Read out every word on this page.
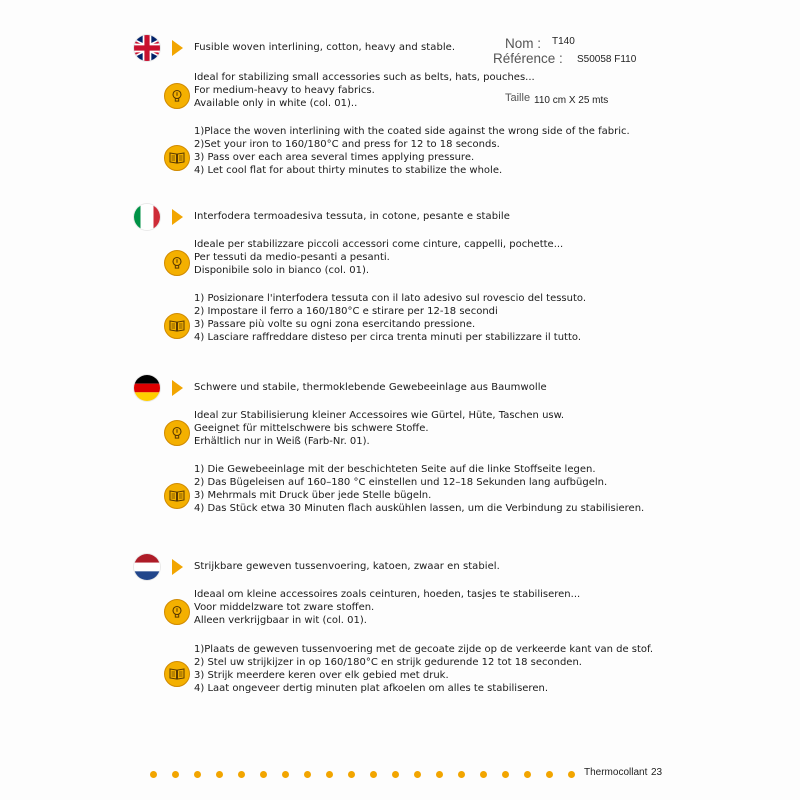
Nom : T140
Référence : S50058 F110
Taille 110 cm X 25 mts
Fusible woven interlining, cotton, heavy and stable.
Ideal for stabilizing small accessories such as belts, hats, pouches...
For medium-heavy to heavy fabrics.
Available only in white (col. 01)..
1)Place the woven interlining with the coated side against the wrong side of the fabric.
2)Set your iron to 160/180°C and press for 12 to 18 seconds.
3) Pass over each area several times applying pressure.
4) Let cool flat for about thirty minutes to stabilize the whole.
Interfodera termoadesiva tessuta, in cotone, pesante e stabile
Ideale per stabilizzare piccoli accessori come cinture, cappelli, pochette...
Per tessuti da medio-pesanti a pesanti.
Disponibile solo in bianco (col. 01).
1) Posizionare l'interfodera tessuta con il lato adesivo sul rovescio del tessuto.
2) Impostare il ferro a 160/180°C e stirare per 12-18 secondi
3) Passare più volte su ogni zona esercitando pressione.
4) Lasciare raffreddare disteso per circa trenta minuti per stabilizzare il tutto.
Schwere und stabile, thermoklebende Gewebeeinlage aus Baumwolle
Ideal zur Stabilisierung kleiner Accessoires wie Gürtel, Hüte, Taschen usw.
Geeignet für mittelschwere bis schwere Stoffe.
Erhältlich nur in Weiß (Farb-Nr. 01).
1) Die Gewebeeinlage mit der beschichteten Seite auf die linke Stoffseite legen.
2) Das Bügeleisen auf 160–180 °C einstellen und 12–18 Sekunden lang aufbügeln.
3) Mehrmals mit Druck über jede Stelle bügeln.
4) Das Stück etwa 30 Minuten flach auskühlen lassen, um die Verbindung zu stabilisieren.
Strijkbare geweven tussenvoering, katoen, zwaar en stabiel.
Ideaal om kleine accessoires zoals ceinturen, hoeden, tasjes te stabiliseren...
Voor middelzware tot zware stoffen.
Alleen verkrijgbaar in wit (col. 01).
1)Plaats de geweven tussenvoering met de gecoate zijde op de verkeerde kant van de stof.
2) Stel uw strijkijzer in op 160/180°C en strijk gedurende 12 tot 18 seconden.
3) Strijk meerdere keren over elk gebied met druk.
4) Laat ongeveer dertig minuten plat afkoelen om alles te stabiliseren.
Thermocollant 23
